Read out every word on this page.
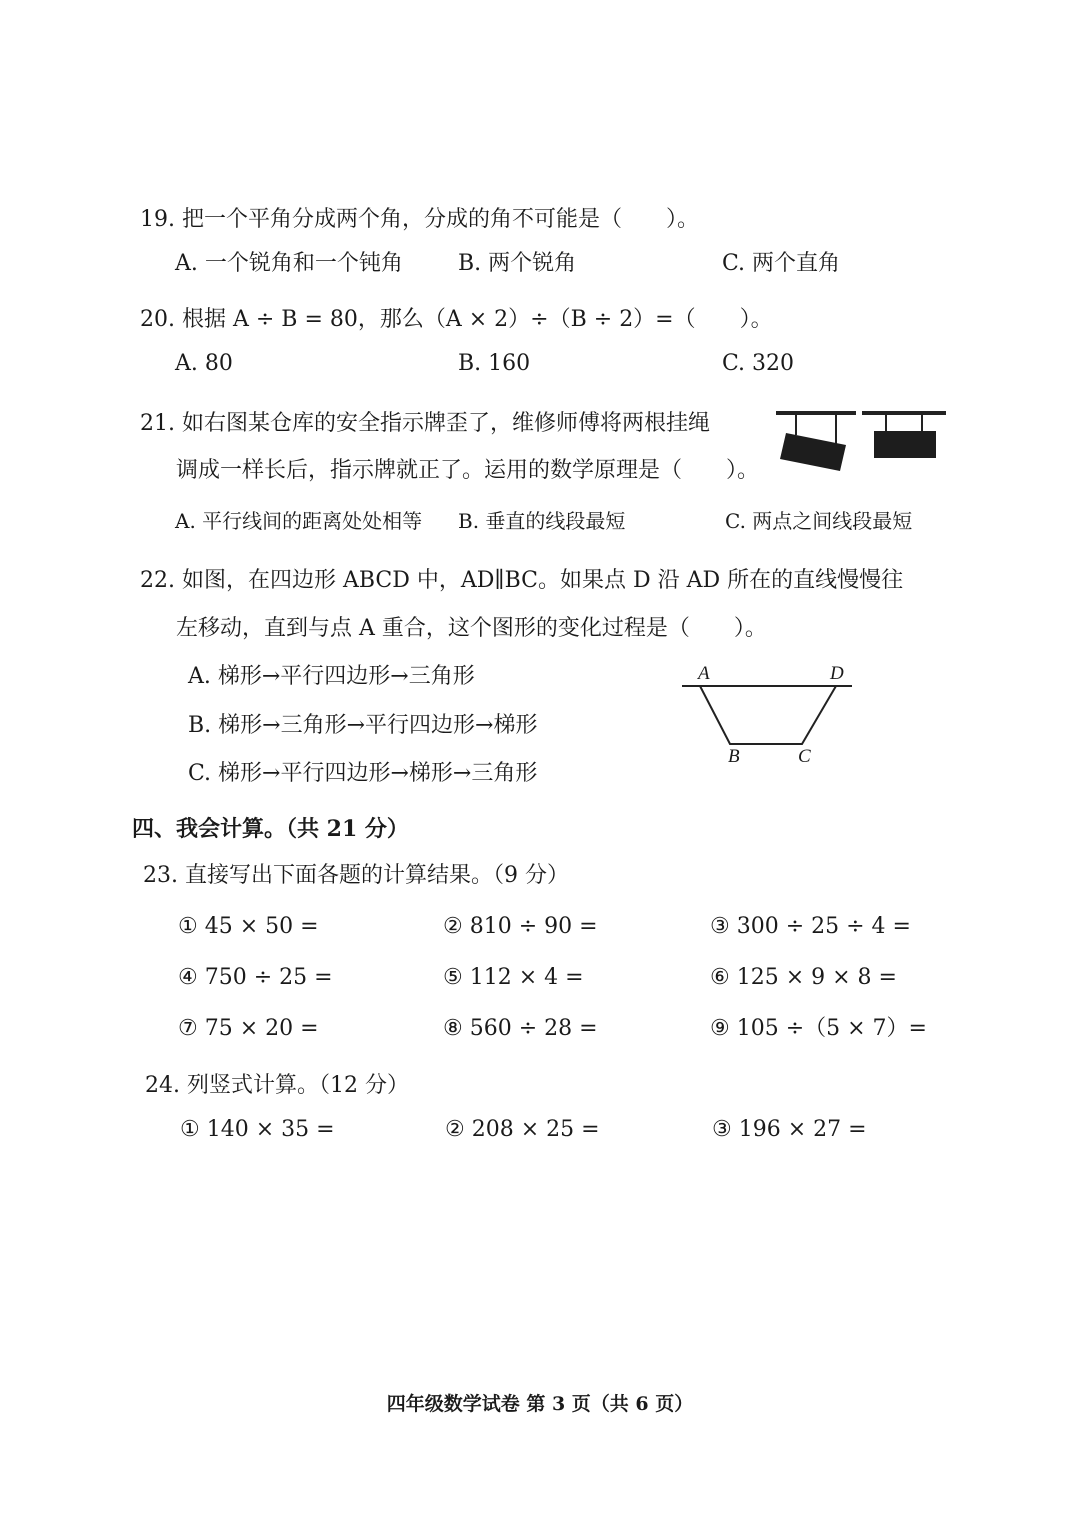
19. 把一个平角分成两个角，分成的角不可能是（　　）。
A. 一个锐角和一个钝角	B. 两个锐角	C. 两个直角
20. 根据 A ÷ B = 80，那么（A × 2）÷（B ÷ 2）=（　　）。
A. 80	B. 160	C. 320
21. 如右图某仓库的安全指示牌歪了，维修师傅将两根挂绳
调成一样长后，指示牌就正了。运用的数学原理是（　　）。
A. 平行线间的距离处处相等 B. 垂直的线段最短	C. 两点之间线段最短
22. 如图，在四边形 ABCD 中，AD∥BC。如果点 D 沿 AD 所在的直线慢慢往
左移动，直到与点 A 重合，这个图形的变化过程是（　　）。
A. 梯形→平行四边形→三角形
B. 梯形→三角形→平行四边形→梯形
C. 梯形→平行四边形→梯形→三角形
A	D
B	C
四、我会计算。（共 21 分）
23. 直接写出下面各题的计算结果。（9 分）
① 45 × 50 =	② 810 ÷ 90 =	③ 300 ÷ 25 ÷ 4 =
④ 750 ÷ 25 =	⑤ 112 × 4 =	⑥ 125 × 9 × 8 =
⑦ 75 × 20 =	⑧ 560 ÷ 28 =	⑨ 105 ÷（5 × 7）=
24. 列竖式计算。（12 分）
① 140 × 35 =	② 208 × 25 =	③ 196 × 27 =
四年级数学试卷 第 3 页（共 6 页）
